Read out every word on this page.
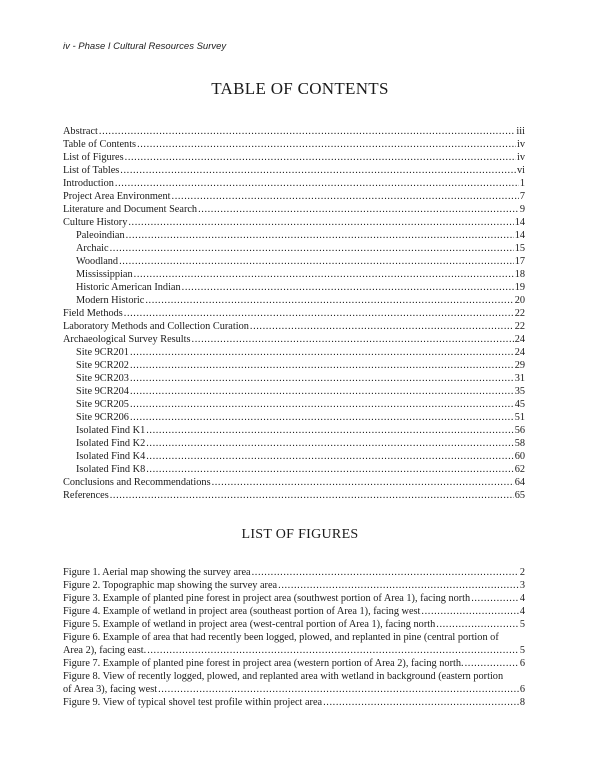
iv - Phase I Cultural Resources Survey
TABLE OF CONTENTS
Abstract .....	iii
Table of Contents .....	iv
List of Figures .....	iv
List of Tables .....	vi
Introduction .....	1
Project Area Environment .....	7
Literature and Document Search .....	9
Culture History .....	14
Paleoindian .....	14
Archaic .....	15
Woodland .....	17
Mississippian .....	18
Historic American Indian .....	19
Modern Historic .....	20
Field Methods .....	22
Laboratory Methods and Collection Curation .....	22
Archaeological Survey Results .....	24
Site 9CR201 .....	24
Site 9CR202 .....	29
Site 9CR203 .....	31
Site 9CR204 .....	35
Site 9CR205 .....	45
Site 9CR206 .....	51
Isolated Find K1 .....	56
Isolated Find K2 .....	58
Isolated Find K4 .....	60
Isolated Find K8 .....	62
Conclusions and Recommendations .....	64
References .....	65
LIST OF FIGURES
Figure 1. Aerial map showing the survey area .....	2
Figure 2. Topographic map showing the survey area .....	3
Figure 3. Example of planted pine forest in project area (southwest portion of Area 1), facing north .....	4
Figure 4. Example of wetland in project area (southeast portion of Area 1), facing west .....	4
Figure 5. Example of wetland in project area (west-central portion of Area 1), facing north .....	5
Figure 6. Example of area that had recently been logged, plowed, and replanted in pine (central portion of
Area 2), facing east. .....	5
Figure 7. Example of planted pine forest in project area (western portion of Area 2), facing north. .....	6
Figure 8. View of recently logged, plowed, and replanted area with wetland in background (eastern portion
of Area 3), facing west .....	6
Figure 9. View of typical shovel test profile within project area .....	8
